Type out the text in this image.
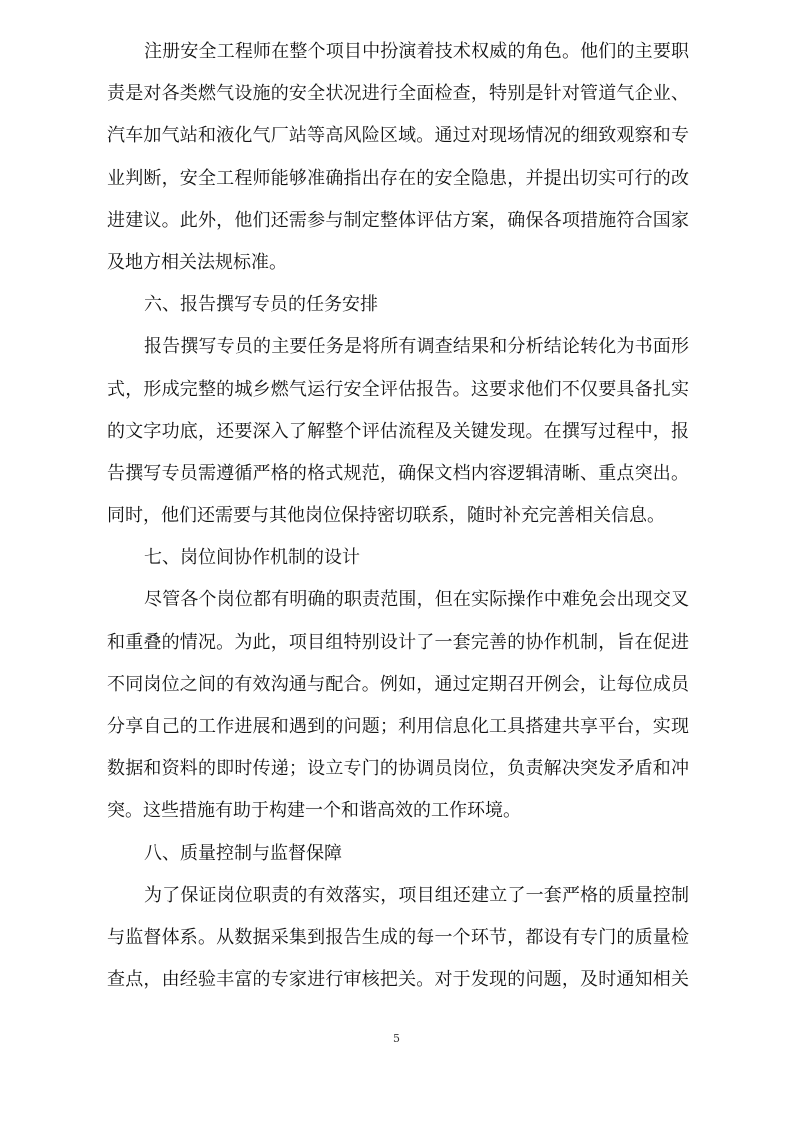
注册安全工程师在整个项目中扮演着技术权威的角色。他们的主要职
责是对各类燃气设施的安全状况进行全面检查，特别是针对管道气企业、
汽车加气站和液化气厂站等高风险区域。通过对现场情况的细致观察和专
业判断，安全工程师能够准确指出存在的安全隐患，并提出切实可行的改
进建议。此外，他们还需参与制定整体评估方案，确保各项措施符合国家
及地方相关法规标准。
六、报告撰写专员的任务安排
报告撰写专员的主要任务是将所有调查结果和分析结论转化为书面形
式，形成完整的城乡燃气运行安全评估报告。这要求他们不仅要具备扎实
的文字功底，还要深入了解整个评估流程及关键发现。在撰写过程中，报
告撰写专员需遵循严格的格式规范，确保文档内容逻辑清晰、重点突出。
同时，他们还需要与其他岗位保持密切联系，随时补充完善相关信息。
七、岗位间协作机制的设计
尽管各个岗位都有明确的职责范围，但在实际操作中难免会出现交叉
和重叠的情况。为此，项目组特别设计了一套完善的协作机制，旨在促进
不同岗位之间的有效沟通与配合。例如，通过定期召开例会，让每位成员
分享自己的工作进展和遇到的问题；利用信息化工具搭建共享平台，实现
数据和资料的即时传递；设立专门的协调员岗位，负责解决突发矛盾和冲
突。这些措施有助于构建一个和谐高效的工作环境。
八、质量控制与监督保障
为了保证岗位职责的有效落实，项目组还建立了一套严格的质量控制
与监督体系。从数据采集到报告生成的每一个环节，都设有专门的质量检
查点，由经验丰富的专家进行审核把关。对于发现的问题，及时通知相关
5
